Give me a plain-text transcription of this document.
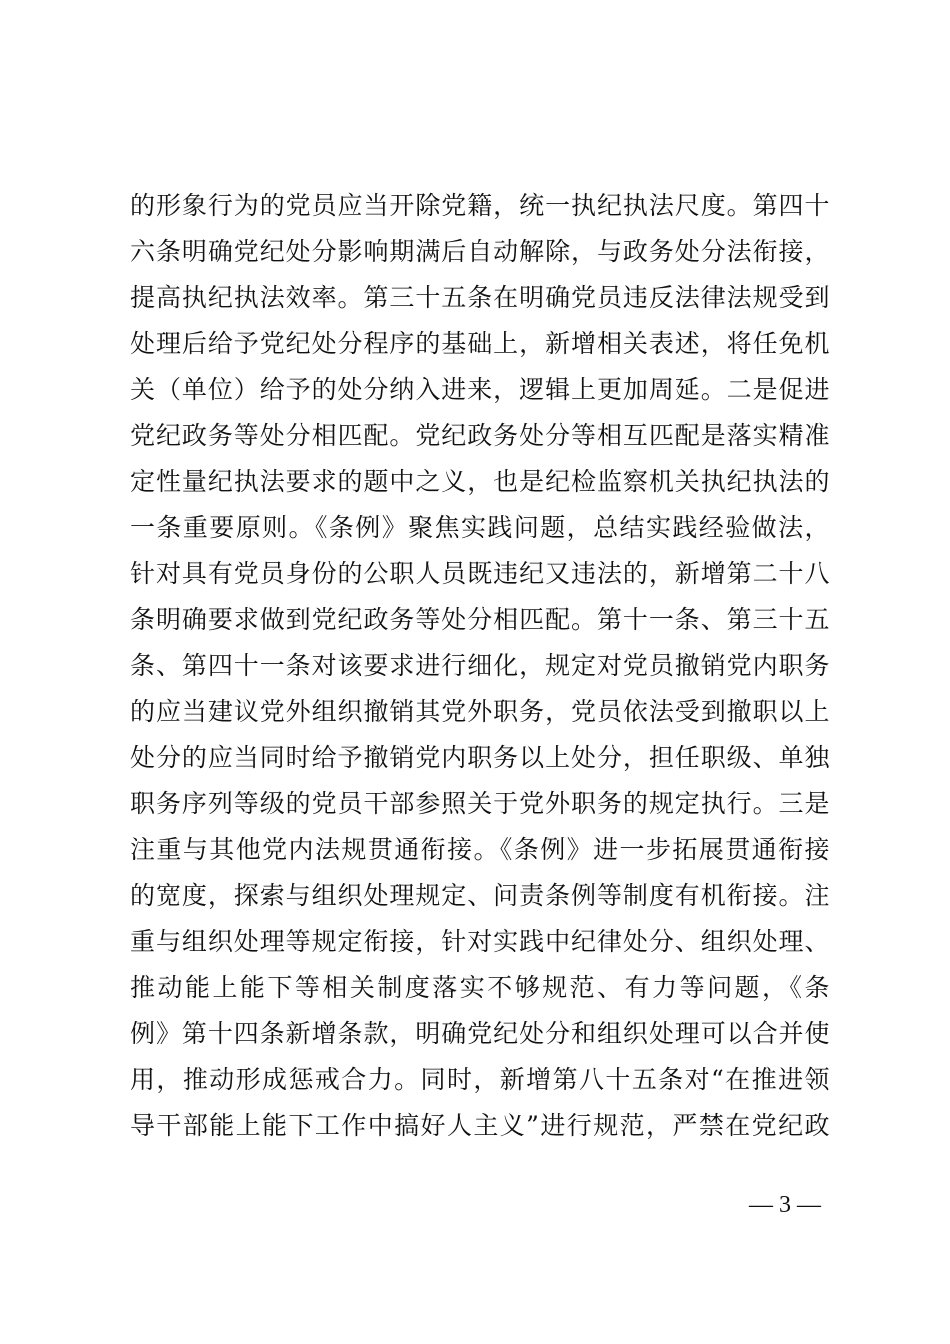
的形象行为的党员应当开除党籍，统一执纪执法尺度。第四十
六条明确党纪处分影响期满后自动解除，与政务处分法衔接，
提高执纪执法效率。第三十五条在明确党员违反法律法规受到
处理后给予党纪处分程序的基础上，新增相关表述，将任免机
关（单位）给予的处分纳入进来，逻辑上更加周延。二是促进
党纪政务等处分相匹配。党纪政务处分等相互匹配是落实精准
定性量纪执法要求的题中之义，也是纪检监察机关执纪执法的
一条重要原则。《条例》聚焦实践问题，总结实践经验做法，
针对具有党员身份的公职人员既违纪又违法的，新增第二十八
条明确要求做到党纪政务等处分相匹配。第十一条、第三十五
条、第四十一条对该要求进行细化，规定对党员撤销党内职务
的应当建议党外组织撤销其党外职务，党员依法受到撤职以上
处分的应当同时给予撤销党内职务以上处分，担任职级、单独
职务序列等级的党员干部参照关于党外职务的规定执行。三是
注重与其他党内法规贯通衔接。《条例》进一步拓展贯通衔接
的宽度，探索与组织处理规定、问责条例等制度有机衔接。注
重与组织处理等规定衔接，针对实践中纪律处分、组织处理、
推动能上能下等相关制度落实不够规范、有力等问题，《条
例》第十四条新增条款，明确党纪处分和组织处理可以合并使
用，推动形成惩戒合力。同时，新增第八十五条对“在推进领
导干部能上能下工作中搞好人主义”进行规范，严禁在党纪政
— 3 —
